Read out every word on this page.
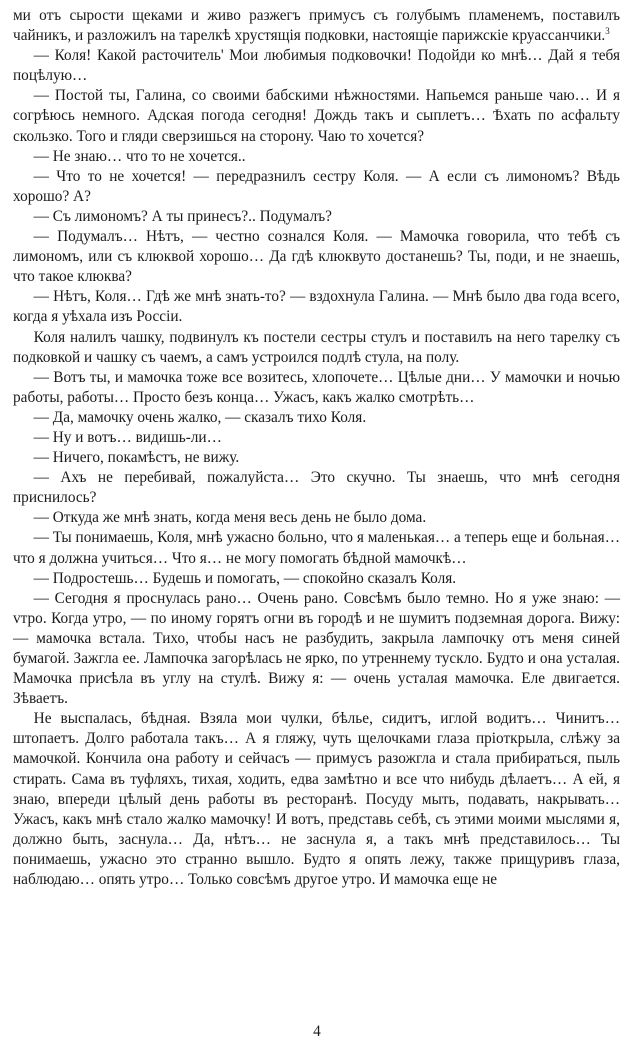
ми отъ сырости щеками и живо разжегъ примусъ съ голубымъ пламенемъ, поставилъ чайникъ, и разложилъ на тарелкѣ хрустящія подковки, настоящіе парижскіе круассанчики.$^3$

— Коля! Какой расточитель' Мои любимыя подковочки! Подойди ко мнѣ… Дай я тебя поцѣлую…

— Постой ты, Галина, со своими бабскими нѣжностями. Напьемся раньше чаю… И я согрѣюсь немного. Адская погода сегодня! Дождь такъ и сыплетъ… Ѣхать по асфальту скользко. Того и гляди сверзишься на сторону. Чаю то хочется?

— Не знаю… что то не хочется..

— Что то не хочется! — передразнилъ сестру Коля. — А если съ лимономъ? Вѣдь хорошо? А?

— Съ лимономъ? А ты принесъ?.. Подумалъ?

— Подумалъ… Нѣтъ, — честно сознался Коля. — Мамочка говорила, что тебѣ съ лимономъ, или съ клюквой хорошо… Да гдѣ клюквуто достанешь? Ты, поди, и не знаешь, что такое клюква?

— Нѣтъ, Коля… Гдѣ же мнѣ знать-то? — вздохнула Галина. — Мнѣ было два года всего, когда я уѣхала изъ Россіи.

Коля налилъ чашку, подвинулъ къ постели сестры стулъ и поставилъ на него тарелку съ подковкой и чашку съ чаемъ, а самъ устроился подлѣ стула, на полу.

— Вотъ ты, и мамочка тоже все возитесь, хлопочете… Цѣлые дни… У мамочки и ночью работы, работы… Просто безъ конца… Ужасъ, какъ жалко смотрѣть…

— Да, мамочку очень жалко, — сказалъ тихо Коля.

— Ну и вотъ… видишь-ли…

— Ничего, покамѣстъ, не вижу.

— Ахъ не перебивай, пожалуйста… Это скучно. Ты знаешь, что мнѣ сегодня приснилось?

— Откуда же мнѣ знать, когда меня весь день не было дома.

— Ты понимаешь, Коля, мнѣ ужасно больно, что я маленькая… а теперь еще и больная… что я должна учиться… Что я… не могу помогать бѣдной мамочкѣ…

— Подростешь… Будешь и помогать, — спокойно сказалъ Коля.

— Сегодня я проснулась рано… Очень рано. Совсѣмъ было темно. Но я уже знаю: — vтро. Когда утро, — по иному горятъ огни въ городѣ и не шумитъ подземная дорога. Вижу: — мамочка встала. Тихо, чтобы насъ не разбудить, закрыла лампочку отъ меня синей бумагой. Зажгла ее. Лампочка загорѣлась не ярко, по утреннему тускло. Будто и она усталая. Мамочка присѣла въ углу на стулѣ. Вижу я: — очень усталая мамочка. Еле двигается. Зѣваетъ.

Не выспалась, бѣдная. Взяла мои чулки, бѣлье, сидитъ, иглой водитъ… Чинитъ… штопаетъ. Долго работала такъ… А я гляжу, чуть щелочками глаза пріоткрыла, слѣжу за мамочкой. Кончила она работу и сейчасъ — примусъ разожгла и стала прибираться, пыль стирать. Сама въ туфляхъ, тихая, ходить, едва замѣтно и все что нибудь дѣлаетъ… А ей, я знаю, впереди цѣлый день работы въ ресторанѣ. Посуду мыть, подавать, накрывать… Ужасъ, какъ мнѣ стало жалко мамочку! И вотъ, представь себѣ, съ этими моими мыслями я, должно быть, заснула… Да, нѣтъ… не заснула я, а такъ мнѣ представилось… Ты понимаешь, ужасно это странно вышло. Будто я опять лежу, также прищуривъ глаза, наблюдаю… опять утро… Только совсѣмъ другое утро. И мамочка еще не

4
